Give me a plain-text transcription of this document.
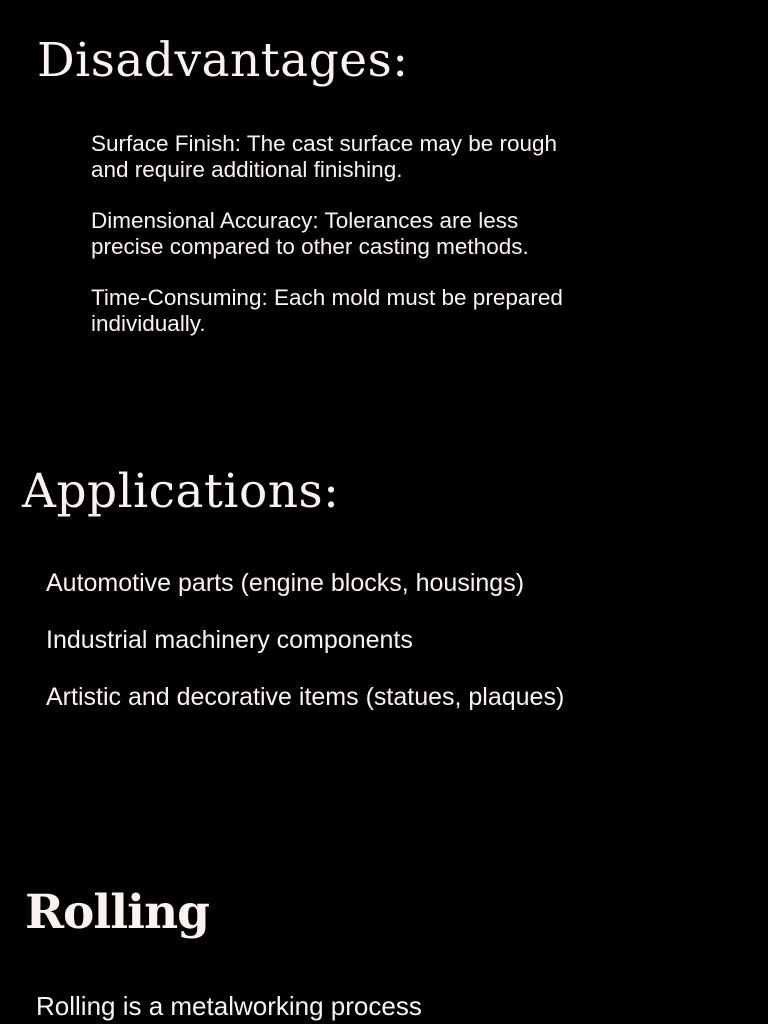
Disadvantages:
Surface Finish: The cast surface may be rough and require additional finishing.
Dimensional Accuracy: Tolerances are less precise compared to other casting methods.
Time-Consuming: Each mold must be prepared individually.
Applications:
Automotive parts (engine blocks, housings)
Industrial machinery components
Artistic and decorative items (statues, plaques)
Rolling

Rolling is a metalworking process
